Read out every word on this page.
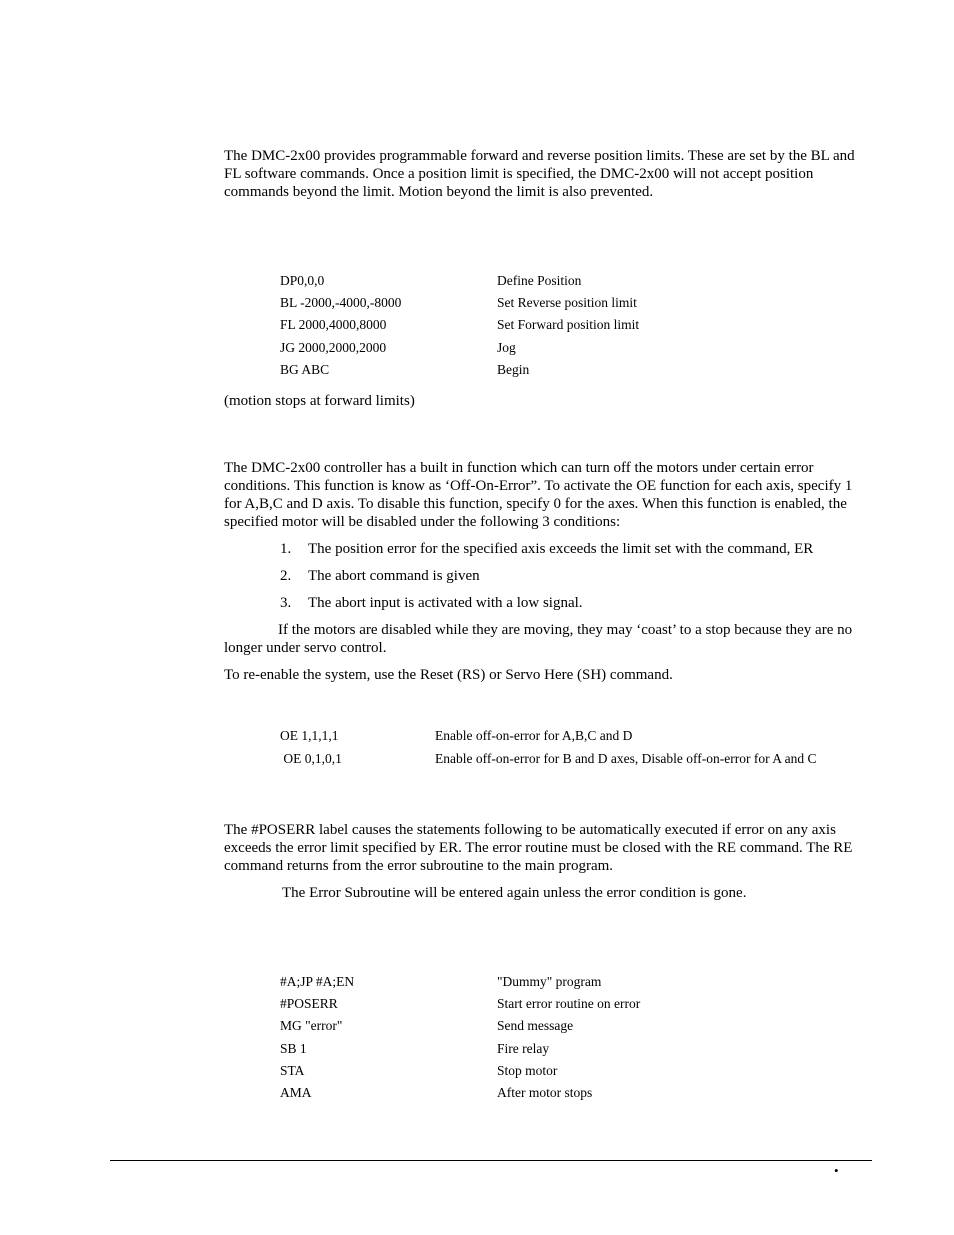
The DMC-2x00 provides programmable forward and reverse position limits. These are set by the BL and FL software commands. Once a position limit is specified, the DMC-2x00 will not accept position commands beyond the limit. Motion beyond the limit is also prevented.

DP0,0,0	Define Position
BL -2000,-4000,-8000	Set Reverse position limit
FL 2000,4000,8000	Set Forward position limit
JG 2000,2000,2000	Jog
BG ABC	Begin

(motion stops at forward limits)

The DMC-2x00 controller has a built in function which can turn off the motors under certain error conditions. This function is know as ‘Off-On-Error”. To activate the OE function for each axis, specify 1 for A,B,C and D axis. To disable this function, specify 0 for the axes. When this function is enabled, the specified motor will be disabled under the following 3 conditions:

1. The position error for the specified axis exceeds the limit set with the command, ER
2. The abort command is given
3. The abort input is activated with a low signal.

If the motors are disabled while they are moving, they may ‘coast’ to a stop because they are no longer under servo control.

To re-enable the system, use the Reset (RS) or Servo Here (SH) command.

OE 1,1,1,1	Enable off-on-error for A,B,C and D
OE 0,1,0,1	Enable off-on-error for B and D axes, Disable off-on-error for A and C

The #POSERR label causes the statements following to be automatically executed if error on any axis exceeds the error limit specified by ER. The error routine must be closed with the RE command. The RE command returns from the error subroutine to the main program.

The Error Subroutine will be entered again unless the error condition is gone.

#A;JP #A;EN	"Dummy" program
#POSERR	Start error routine on error
MG "error"	Send message
SB 1	Fire relay
STA	Stop motor
AMA	After motor stops
•
